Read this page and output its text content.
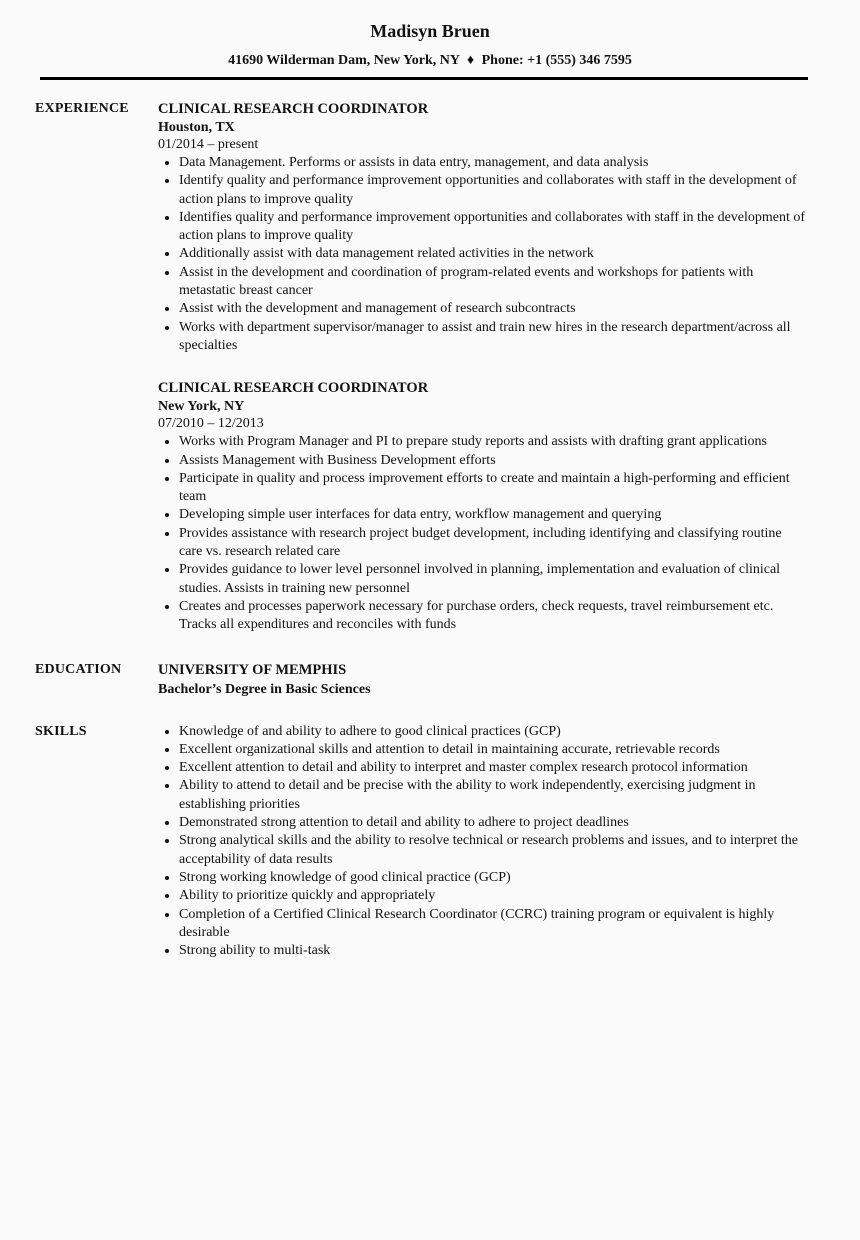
Madisyn Bruen
41690 Wilderman Dam, New York, NY ♦ Phone: +1 (555) 346 7595
EXPERIENCE	CLINICAL RESEARCH COORDINATOR
Houston, TX
01/2014 – present
• Data Management. Performs or assists in data entry, management, and data analysis
• Identify quality and performance improvement opportunities and collaborates with staff in the development of action plans to improve quality
• Identifies quality and performance improvement opportunities and collaborates with staff in the development of action plans to improve quality
• Additionally assist with data management related activities in the network
• Assist in the development and coordination of program-related events and workshops for patients with metastatic breast cancer
• Assist with the development and management of research subcontracts
• Works with department supervisor/manager to assist and train new hires in the research department/across all specialties
CLINICAL RESEARCH COORDINATOR
New York, NY
07/2010 – 12/2013
• Works with Program Manager and PI to prepare study reports and assists with drafting grant applications
• Assists Management with Business Development efforts
• Participate in quality and process improvement efforts to create and maintain a high-performing and efficient team
• Developing simple user interfaces for data entry, workflow management and querying
• Provides assistance with research project budget development, including identifying and classifying routine care vs. research related care
• Provides guidance to lower level personnel involved in planning, implementation and evaluation of clinical studies. Assists in training new personnel
• Creates and processes paperwork necessary for purchase orders, check requests, travel reimbursement etc. Tracks all expenditures and reconciles with funds
EDUCATION	UNIVERSITY OF MEMPHIS
Bachelor’s Degree in Basic Sciences
SKILLS	• Knowledge of and ability to adhere to good clinical practices (GCP)
• Excellent organizational skills and attention to detail in maintaining accurate, retrievable records
• Excellent attention to detail and ability to interpret and master complex research protocol information
• Ability to attend to detail and be precise with the ability to work independently, exercising judgment in establishing priorities
• Demonstrated strong attention to detail and ability to adhere to project deadlines
• Strong analytical skills and the ability to resolve technical or research problems and issues, and to interpret the acceptability of data results
• Strong working knowledge of good clinical practice (GCP)
• Ability to prioritize quickly and appropriately
• Completion of a Certified Clinical Research Coordinator (CCRC) training program or equivalent is highly desirable
• Strong ability to multi-task
